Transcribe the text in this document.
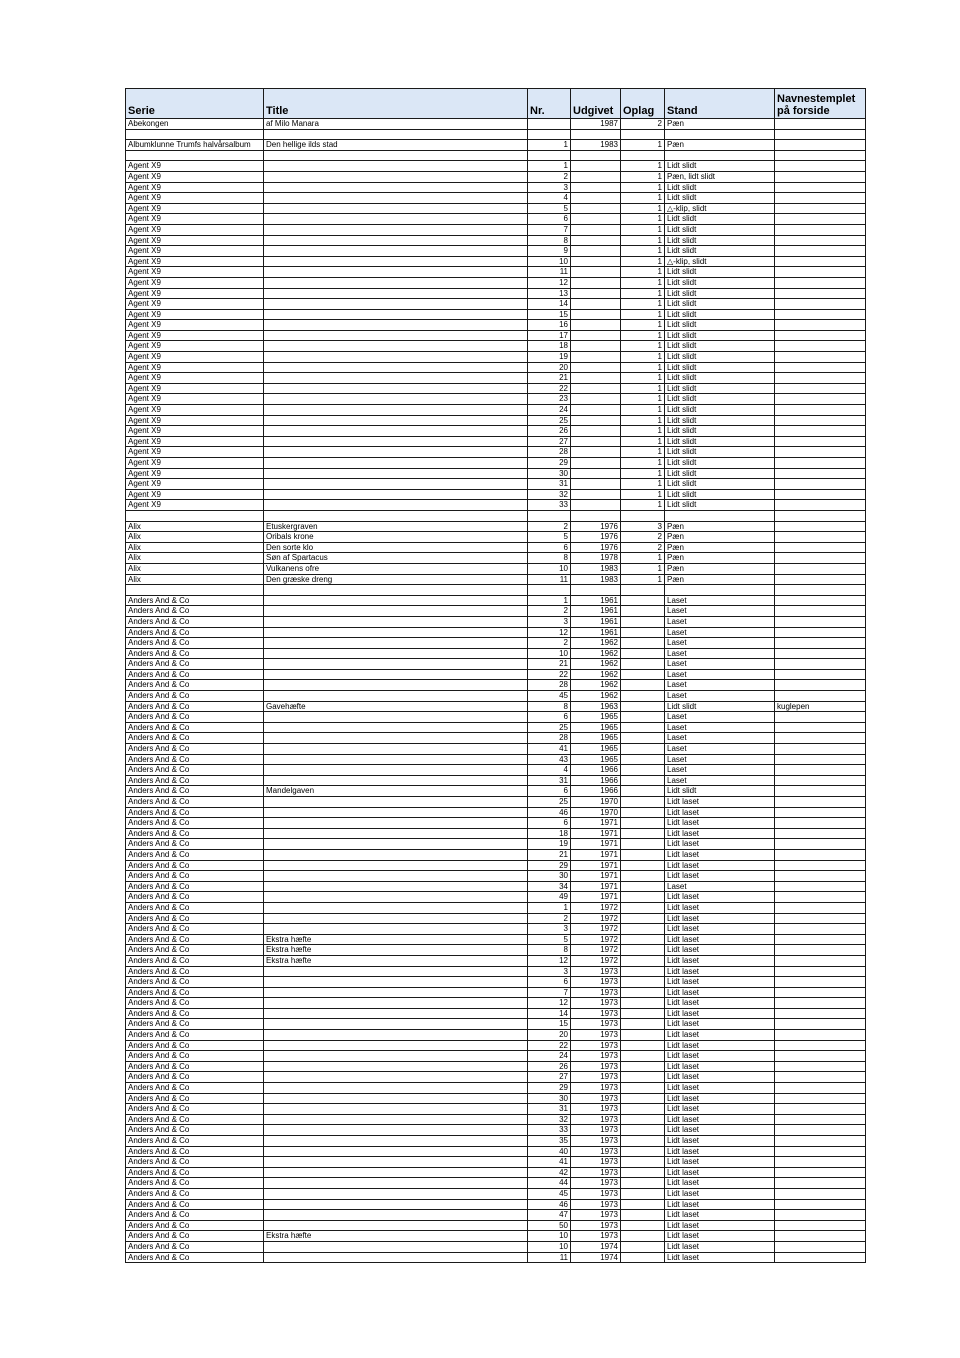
Serie	Title	Nr.	Udgivet	Oplag	Stand	Navnestemplet på forside
Abekongen	af Milo Manara		1987	2	Pæn	

Albumklunne Trumfs halvårsalbum	Den hellige ilds stad	1	1983	1	Pæn	

Agent X9		1		1	Lidt slidt	
Agent X9		2		1	Pæn, lidt slidt	
Agent X9		3		1	Lidt slidt	
Agent X9		4		1	Lidt slidt	
Agent X9		5		1	△-klip, slidt	
Agent X9		6		1	Lidt slidt	
Agent X9		7		1	Lidt slidt	
Agent X9		8		1	Lidt slidt	
Agent X9		9		1	Lidt slidt	
Agent X9		10		1	△-klip, slidt	
Agent X9		11		1	Lidt slidt	
Agent X9		12		1	Lidt slidt	
Agent X9		13		1	Lidt slidt	
Agent X9		14		1	Lidt slidt	
Agent X9		15		1	Lidt slidt	
Agent X9		16		1	Lidt slidt	
Agent X9		17		1	Lidt slidt	
Agent X9		18		1	Lidt slidt	
Agent X9		19		1	Lidt slidt	
Agent X9		20		1	Lidt slidt	
Agent X9		21		1	Lidt slidt	
Agent X9		22		1	Lidt slidt	
Agent X9		23		1	Lidt slidt	
Agent X9		24		1	Lidt slidt	
Agent X9		25		1	Lidt slidt	
Agent X9		26		1	Lidt slidt	
Agent X9		27		1	Lidt slidt	
Agent X9		28		1	Lidt slidt	
Agent X9		29		1	Lidt slidt	
Agent X9		30		1	Lidt slidt	
Agent X9		31		1	Lidt slidt	
Agent X9		32		1	Lidt slidt	
Agent X9		33		1	Lidt slidt	

Alix	Etuskergraven	2	1976	3	Pæn	
Alix	Oribals krone	5	1976	2	Pæn	
Alix	Den sorte klo	6	1976	2	Pæn	
Alix	Søn af Spartacus	8	1978	1	Pæn	
Alix	Vulkanens ofre	10	1983	1	Pæn	
Alix	Den græske dreng	11	1983	1	Pæn	

Anders And & Co		1	1961		Laset	
Anders And & Co		2	1961		Laset	
Anders And & Co		3	1961		Laset	
Anders And & Co		12	1961		Laset	
Anders And & Co		2	1962		Laset	
Anders And & Co		10	1962		Laset	
Anders And & Co		21	1962		Laset	
Anders And & Co		22	1962		Laset	
Anders And & Co		28	1962		Laset	
Anders And & Co		45	1962		Laset	
Anders And & Co	Gavehæfte	8	1963		Lidt slidt	kuglepen
Anders And & Co		6	1965		Laset	
Anders And & Co		25	1965		Laset	
Anders And & Co		28	1965		Laset	
Anders And & Co		41	1965		Laset	
Anders And & Co		43	1965		Laset	
Anders And & Co		4	1966		Laset	
Anders And & Co		31	1966		Laset	
Anders And & Co	Mandelgaven	6	1966		Lidt slidt	
Anders And & Co		25	1970		Lidt laset	
Anders And & Co		46	1970		Lidt laset	
Anders And & Co		6	1971		Lidt laset	
Anders And & Co		18	1971		Lidt laset	
Anders And & Co		19	1971		Lidt laset	
Anders And & Co		21	1971		Lidt laset	
Anders And & Co		29	1971		Lidt laset	
Anders And & Co		30	1971		Lidt laset	
Anders And & Co		34	1971		Laset	
Anders And & Co		49	1971		Lidt laset	
Anders And & Co		1	1972		Lidt laset	
Anders And & Co		2	1972		Lidt laset	
Anders And & Co		3	1972		Lidt laset	
Anders And & Co	Ekstra hæfte	5	1972		Lidt laset	
Anders And & Co	Ekstra hæfte	8	1972		Lidt laset	
Anders And & Co	Ekstra hæfte	12	1972		Lidt laset	
Anders And & Co		3	1973		Lidt laset	
Anders And & Co		6	1973		Lidt laset	
Anders And & Co		7	1973		Lidt laset	
Anders And & Co		12	1973		Lidt laset	
Anders And & Co		14	1973		Lidt laset	
Anders And & Co		15	1973		Lidt laset	
Anders And & Co		20	1973		Lidt laset	
Anders And & Co		22	1973		Lidt laset	
Anders And & Co		24	1973		Lidt laset	
Anders And & Co		26	1973		Lidt laset	
Anders And & Co		27	1973		Lidt laset	
Anders And & Co		29	1973		Lidt laset	
Anders And & Co		30	1973		Lidt laset	
Anders And & Co		31	1973		Lidt laset	
Anders And & Co		32	1973		Lidt laset	
Anders And & Co		33	1973		Lidt laset	
Anders And & Co		35	1973		Lidt laset	
Anders And & Co		40	1973		Lidt laset	
Anders And & Co		41	1973		Lidt laset	
Anders And & Co		42	1973		Lidt laset	
Anders And & Co		44	1973		Lidt laset	
Anders And & Co		45	1973		Lidt laset	
Anders And & Co		46	1973		Lidt laset	
Anders And & Co		47	1973		Lidt laset	
Anders And & Co		50	1973		Lidt laset	
Anders And & Co	Ekstra hæfte	10	1973		Lidt laset	
Anders And & Co		10	1974		Lidt laset	
Anders And & Co		11	1974		Lidt laset	
